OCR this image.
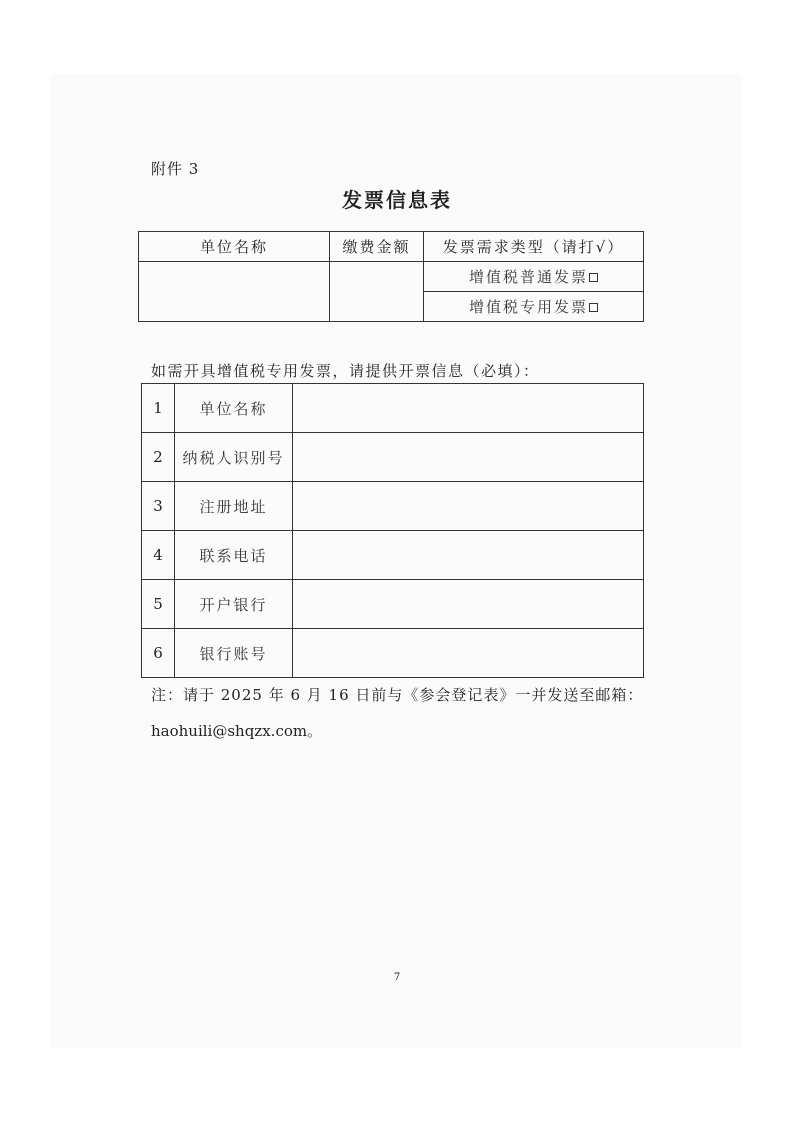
附件 3
发票信息表
单位名称	缴费金额	发票需求类型（请打√）
		增值税普通发票
		增值税专用发票
如需开具增值税专用发票，请提供开票信息（必填）：
1	单位名称	
2	纳税人识别号	
3	注册地址	
4	联系电话	
5	开户银行	
6	银行账号	
注：请于 2025 年 6 月 16 日前与《参会登记表》一并发送至邮箱：
haohuili@shqzx.com。
7
